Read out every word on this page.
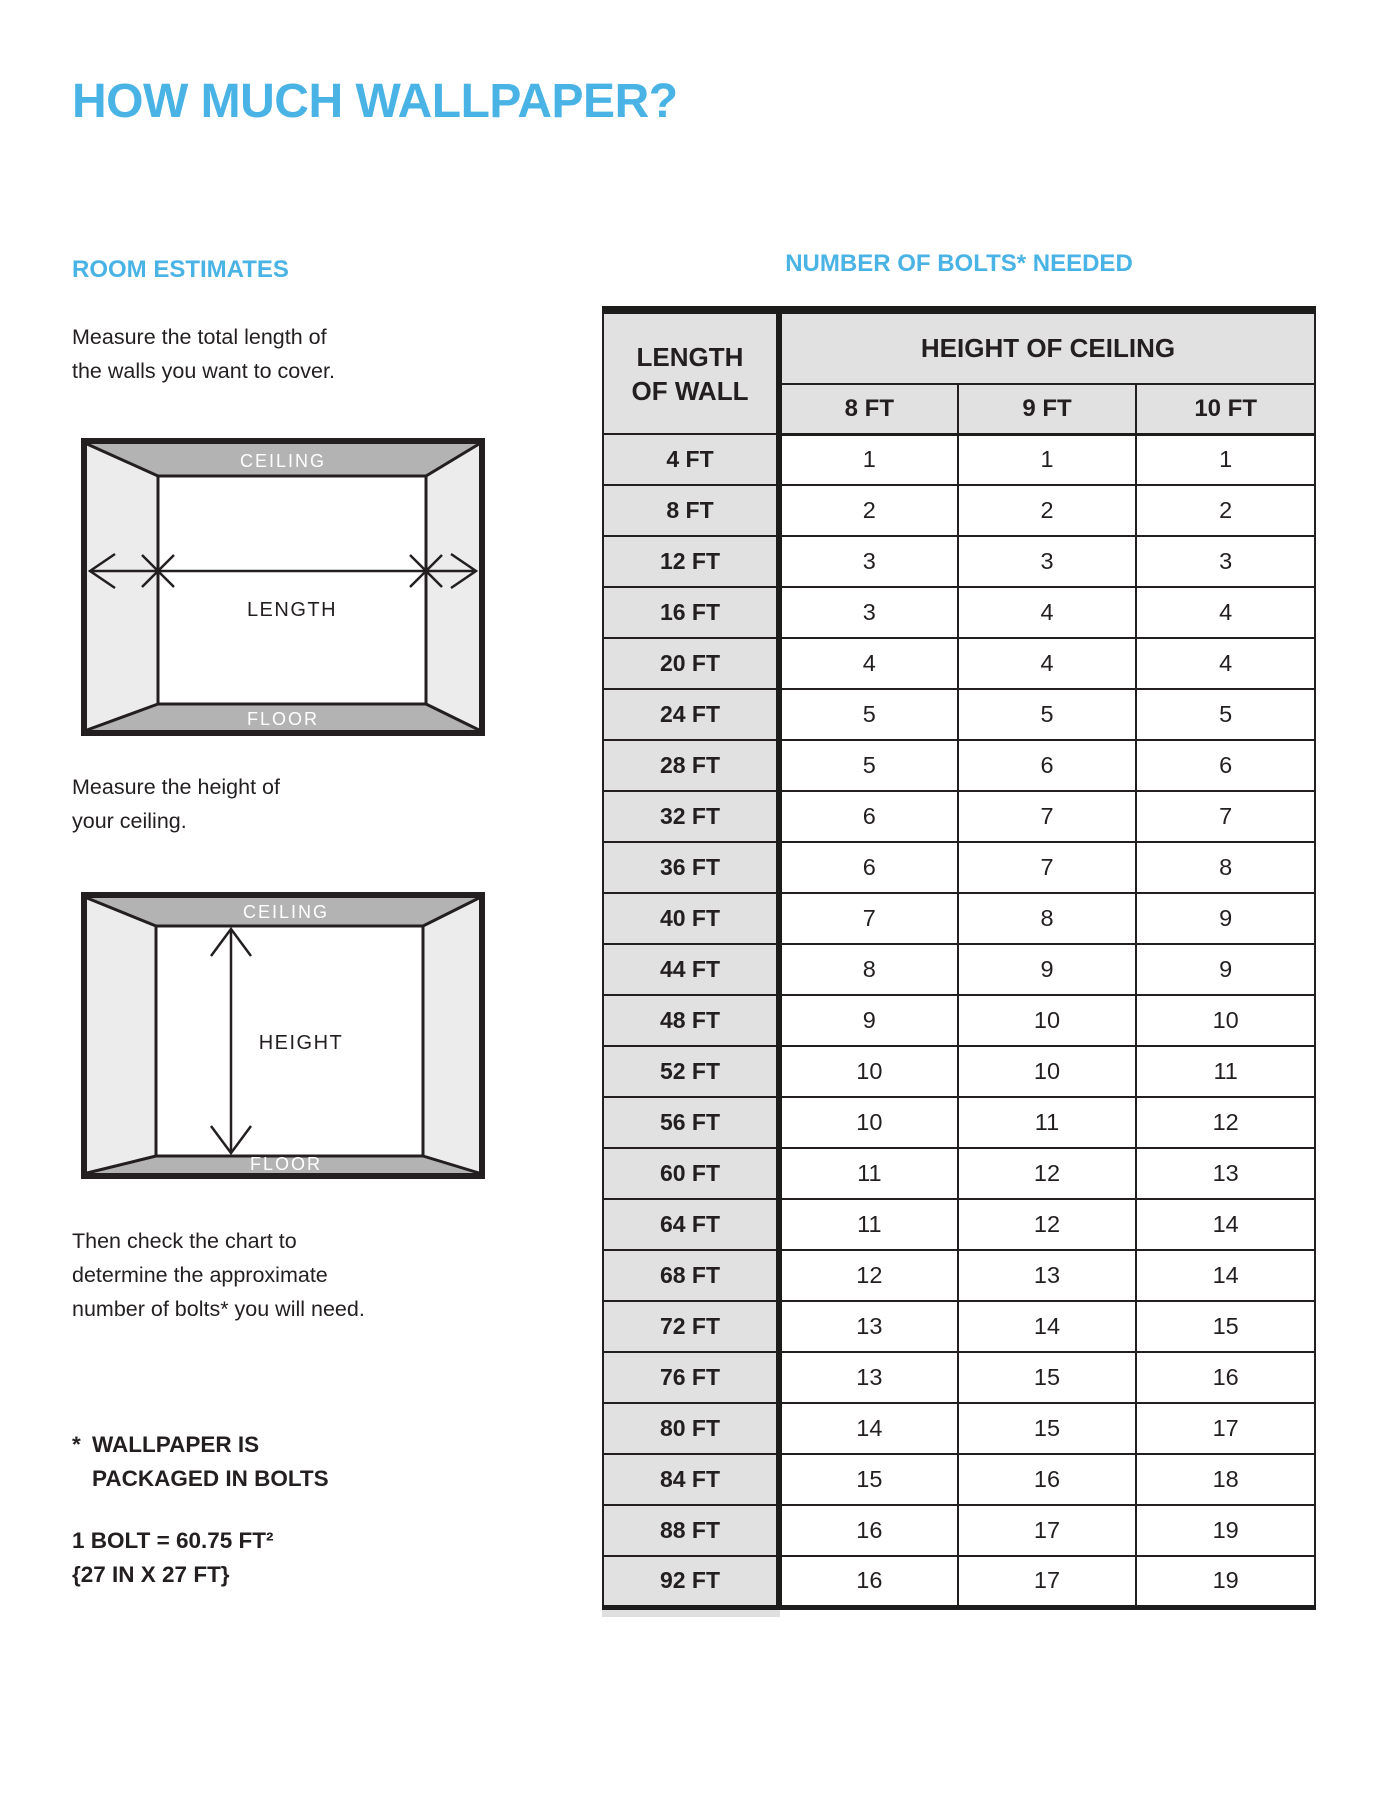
HOW MUCH WALLPAPER?
ROOM ESTIMATES

Measure the total length of
the walls you want to cover.

CEILING
FLOOR
LENGTH

Measure the height of
your ceiling.

CEILING
FLOOR
HEIGHT

Then check the chart to
determine the approximate
number of bolts* you will need.

* WALLPAPER IS
PACKAGED IN BOLTS
1 BOLT = 60.75 FT²
{27 IN X 27 FT}
NUMBER OF BOLTS* NEEDED
LENGTH
OF WALL	HEIGHT OF CEILING		
	8 FT	9 FT	10 FT
4 FT	1	1	1
8 FT	2	2	2
12 FT	3	3	3
16 FT	3	4	4
20 FT	4	4	4
24 FT	5	5	5
28 FT	5	6	6
32 FT	6	7	7
36 FT	6	7	8
40 FT	7	8	9
44 FT	8	9	9
48 FT	9	10	10
52 FT	10	10	11
56 FT	10	11	12
60 FT	11	12	13
64 FT	11	12	14
68 FT	12	13	14
72 FT	13	14	15
76 FT	13	15	16
80 FT	14	15	17
84 FT	15	16	18
88 FT	16	17	19
92 FT	16	17	19
